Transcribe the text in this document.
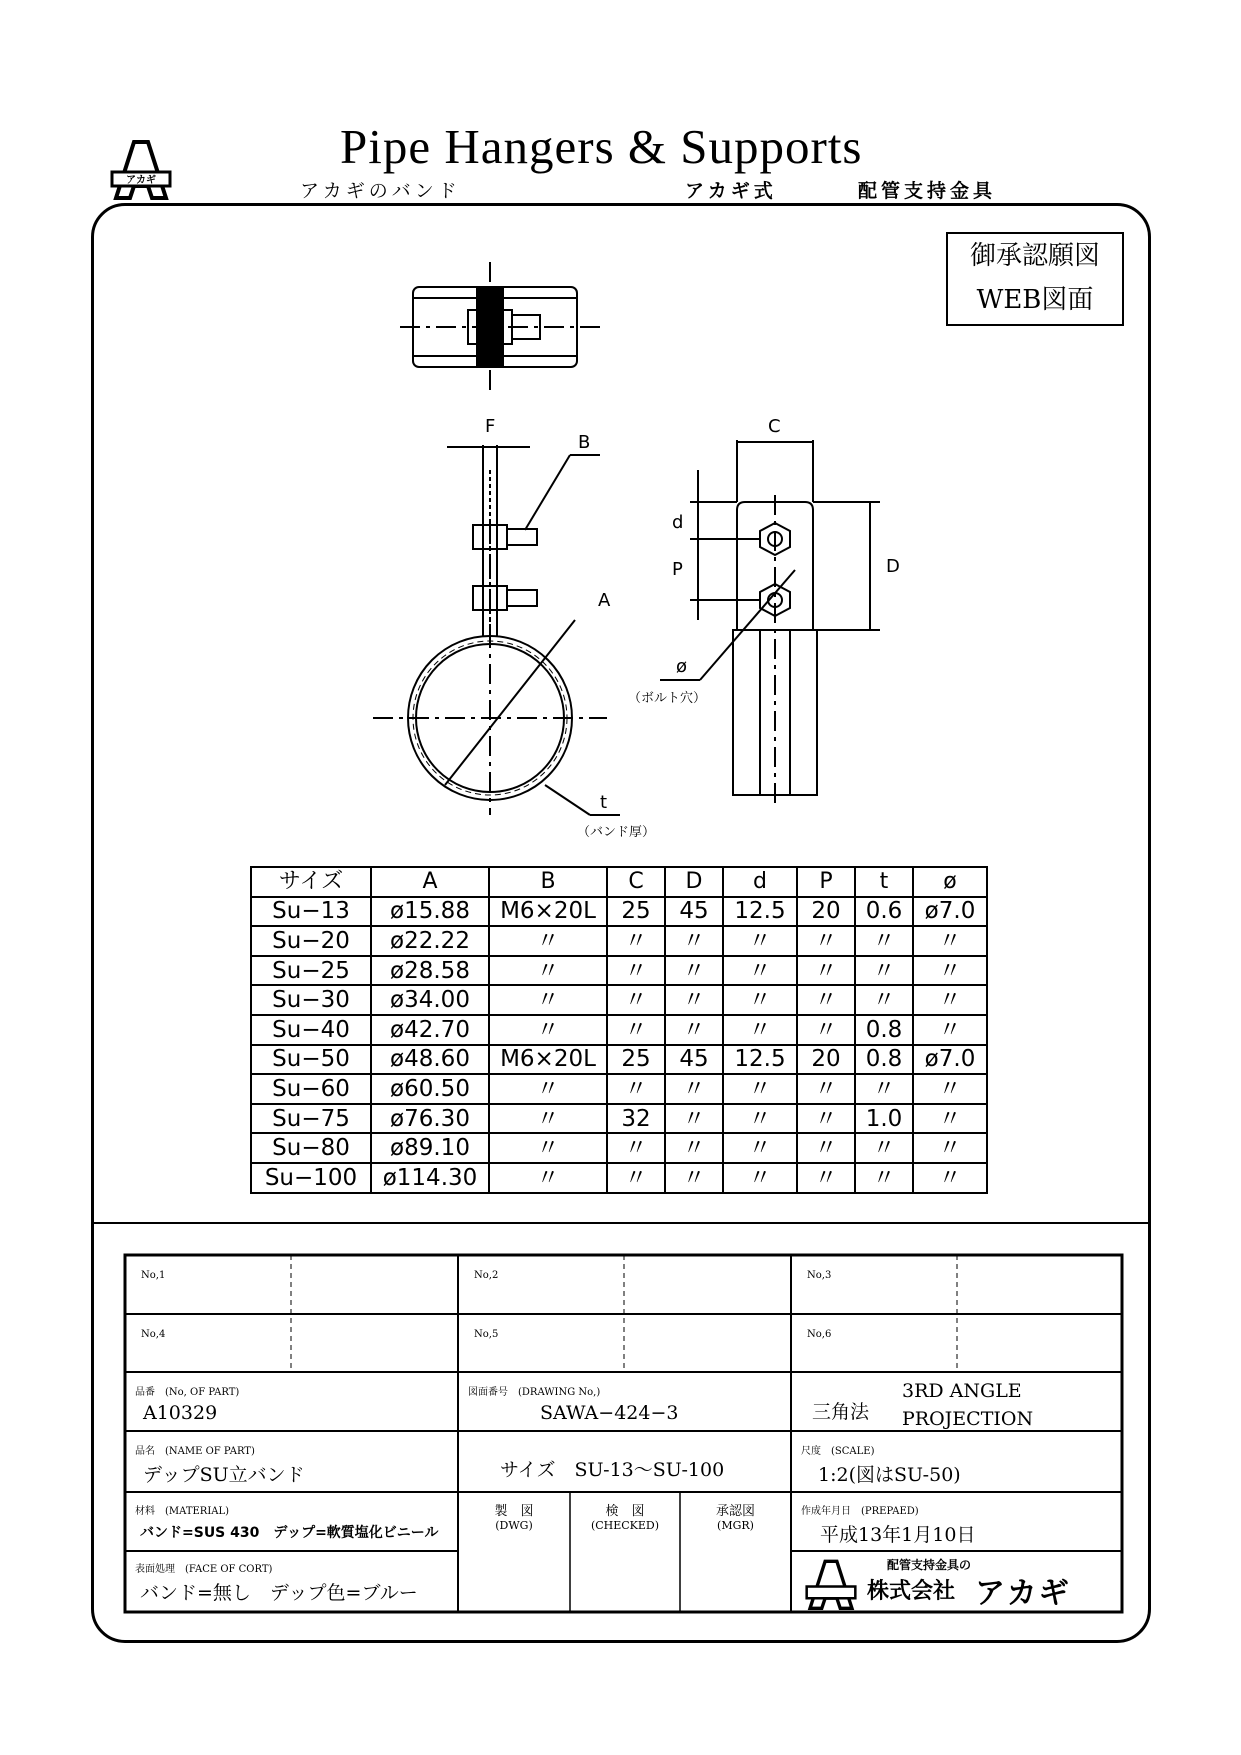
アカギ
Pipe Hangers & Supports
アカギのバンド	アカギ式	配管支持金具
御承認願図
WEB図面
F
B
A
t
（バンド厚）
C
D
d
P
ø
（ボルト穴）
サイズ	A	B	C	D	d	P	t	ø
Su−13	ø15.88	M6×20L	25	45	12.5	20	0.6	ø7.0
Su−20	ø22.22	〃	〃	〃	〃	〃	〃	〃
Su−25	ø28.58	〃	〃	〃	〃	〃	〃	〃
Su−30	ø34.00	〃	〃	〃	〃	〃	〃	〃
Su−40	ø42.70	〃	〃	〃	〃	〃	0.8	〃
Su−50	ø48.60	M6×20L	25	45	12.5	20	0.8	ø7.0
Su−60	ø60.50	〃	〃	〃	〃	〃	〃	〃
Su−75	ø76.30	〃	32	〃	〃	〃	1.0	〃
Su−80	ø89.10	〃	〃	〃	〃	〃	〃	〃
Su−100	ø114.30	〃	〃	〃	〃	〃	〃	〃
No,1	No,2	No,3
No,4	No,5	No,6
品番　(No, OF PART)
A10329
図面番号　(DRAWING No,)
SAWA−424−3	三角法
3RD ANGLE
PROJECTION
品名　(NAME OF PART)
デップSU立バンド	サイズ　SU-13〜SU-100
尺度　(SCALE)
1:2(図はSU-50)
材料　(MATERIAL)
バンド=SUS 430　デップ=軟質塩化ビニール
製　図
(DWG)
検　図
(CHECKED)
承認図
(MGR)
作成年月日　(PREPAED)
平成13年1月10日
表面処理　(FACE OF CORT)
バンド=無し　デップ色=ブルー
配管支持金具の
株式会社 アカギ
